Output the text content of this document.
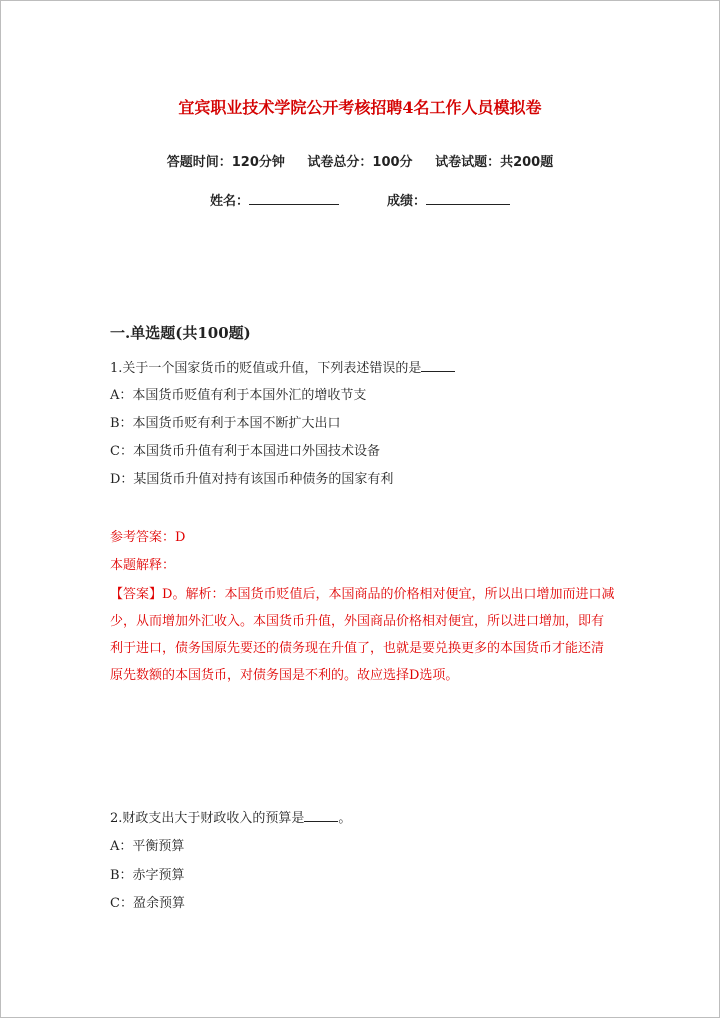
宜宾职业技术学院公开考核招聘4名工作人员模拟卷
答题时间：120分钟 试卷总分：100分 试卷试题：共200题
姓名：	成绩：
一.单选题(共100题)
1.关于一个国家货币的贬值或升值，下列表述错误的是
A：本国货币贬值有利于本国外汇的增收节支
B：本国货币贬有利于本国不断扩大出口
C：本国货币升值有利于本国进口外国技术设备
D：某国货币升值对持有该国币种债务的国家有利
参考答案：D
本题解释：
【答案】D。解析：本国货币贬值后，本国商品的价格相对便宜，所以出口增加而进口减少，从而增加外汇收入。本国货币升值，外国商品价格相对便宜，所以进口增加，即有利于进口，债务国原先要还的债务现在升值了，也就是要兑换更多的本国货币才能还清原先数额的本国货币，对债务国是不利的。故应选择D选项。
2.财政支出大于财政收入的预算是	。
A：平衡预算
B：赤字预算
C：盈余预算
